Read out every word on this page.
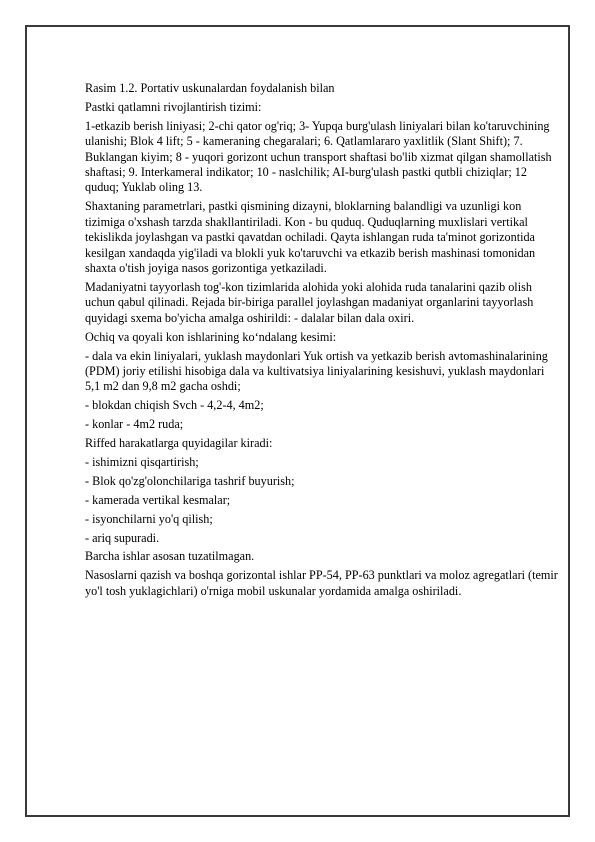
Rasim 1.2. Portativ uskunalardan foydalanish bilan

Pastki qatlamni rivojlantirish tizimi:

1-etkazib berish liniyasi; 2-chi qator og'riq; 3- Yupqa burg'ulash liniyalari bilan ko'taruvchining ulanishi; Blok 4 lift; 5 - kameraning chegaralari; 6. Qatlamlararo yaxlitlik (Slant Shift); 7. Buklangan kiyim; 8 - yuqori gorizont uchun transport shaftasi bo'lib xizmat qilgan shamollatish shaftasi; 9. Interkameral indikator; 10 - naslchilik; AI-burg'ulash pastki qutbli chiziqlar; 12 quduq; Yuklab oling 13.

Shaxtaning parametrlari, pastki qismining dizayni, bloklarning balandligi va uzunligi kon tizimiga o'xshash tarzda shakllantiriladi. Kon - bu quduq. Quduqlarning muxlislari vertikal tekislikda joylashgan va pastki qavatdan ochiladi. Qayta ishlangan ruda ta'minot gorizontida kesilgan xandaqda yig'iladi va blokli yuk ko'taruvchi va etkazib berish mashinasi tomonidan shaxta o'tish joyiga nasos gorizontiga yetkaziladi.

Madaniyatni tayyorlash tog'-kon tizimlarida alohida yoki alohida ruda tanalarini qazib olish uchun qabul qilinadi. Rejada bir-biriga parallel joylashgan madaniyat organlarini tayyorlash quyidagi sxema bo'yicha amalga oshirildi: - dalalar bilan dala oxiri.

Ochiq va qoyali kon ishlarining ko‘ndalang kesimi:

- dala va ekin liniyalari, yuklash maydonlari Yuk ortish va yetkazib berish avtomashinalarining (PDM) joriy etilishi hisobiga dala va kultivatsiya liniyalarining kesishuvi, yuklash maydonlari 5,1 m2 dan 9,8 m2 gacha oshdi;

- blokdan chiqish Svch - 4,2-4, 4m2;

- konlar - 4m2 ruda;

Riffed harakatlarga quyidagilar kiradi:

- ishimizni qisqartirish;

- Blok qo'zg'olonchilariga tashrif buyurish;

- kamerada vertikal kesmalar;

- isyonchilarni yo'q qilish;

- ariq supuradi.

Barcha ishlar asosan tuzatilmagan.

Nasoslarni qazish va boshqa gorizontal ishlar PP-54, PP-63 punktlari va moloz agregatlari (temir yo'l tosh yuklagichlari) o'rniga mobil uskunalar yordamida amalga oshiriladi.
